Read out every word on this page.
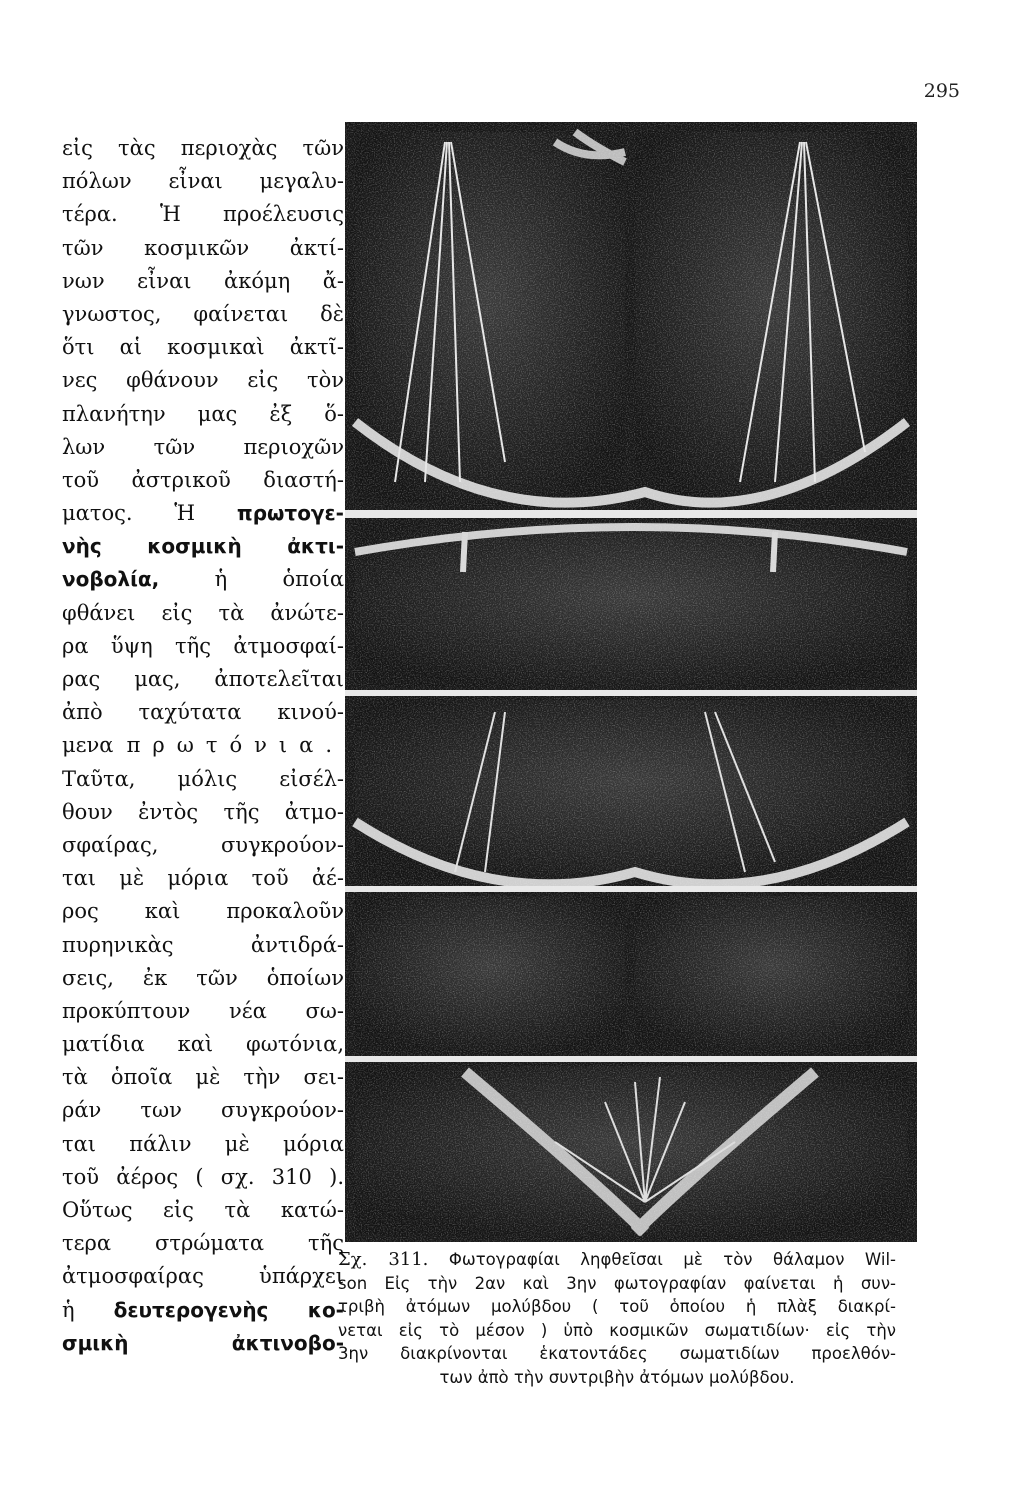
295
εἰς τὰς περιοχὰς τῶν
πόλων εἶναι μεγαλυ-
τέρα. Ἡ προέλευσις
τῶν κοσμικῶν ἀκτί-
νων εἶναι ἀκόμη ἄ-
γνωστος, φαίνεται δὲ
ὅτι αἱ κοσμικαὶ ἀκτῖ-
νες φθάνουν εἰς τὸν
πλανήτην μας ἐξ ὅ-
λων τῶν περιοχῶν
τοῦ ἀστρικοῦ διαστή-
ματος. Ἡ πρωτογε-
νὴς κοσμικὴ ἀκτι-
νοβολία, ἡ ὁποία
φθάνει εἰς τὰ ἀνώτε-
ρα ὕψη τῆς ἀτμοσφαί-
ρας μας, ἀποτελεῖται
ἀπὸ ταχύτατα κινού-
μενα πρωτόνια.
Ταῦτα, μόλις εἰσέλ-
θουν ἐντὸς τῆς ἀτμο-
σφαίρας, συγκρούον-
ται μὲ μόρια τοῦ ἀέ-
ρος καὶ προκαλοῦν
πυρηνικὰς ἀντιδρά-
σεις, ἐκ τῶν ὁποίων
προκύπτουν νέα σω-
ματίδια καὶ φωτόνια,
τὰ ὁποῖα μὲ τὴν σει-
ράν των συγκρούον-
ται πάλιν μὲ μόρια
τοῦ ἀέρος ( σχ. 310 ).
Οὕτως εἰς τὰ κατώ-
τερα στρώματα τῆς
ἀτμοσφαίρας ὑπάρχει
ἡ δευτερογενὴς κο-
σμικὴ ἀκτινοβο-
Σχ. 311. Φωτογραφίαι ληφθεῖσαι μὲ τὸν θάλαμον Wil-
son Εἰς τὴν 2αν καὶ 3ην φωτογραφίαν φαίνεται ἡ συν-
τριβὴ ἀτόμων μολύβδου ( τοῦ ὁποίου ἡ πλὰξ διακρί-
νεται εἰς τὸ μέσον ) ὑπὸ κοσμικῶν σωματιδίων· εἰς τὴν
3ην διακρίνονται ἑκατοντάδες σωματιδίων προελθόν-
των ἀπὸ τὴν συντριβὴν ἀτόμων μολύβδου.
